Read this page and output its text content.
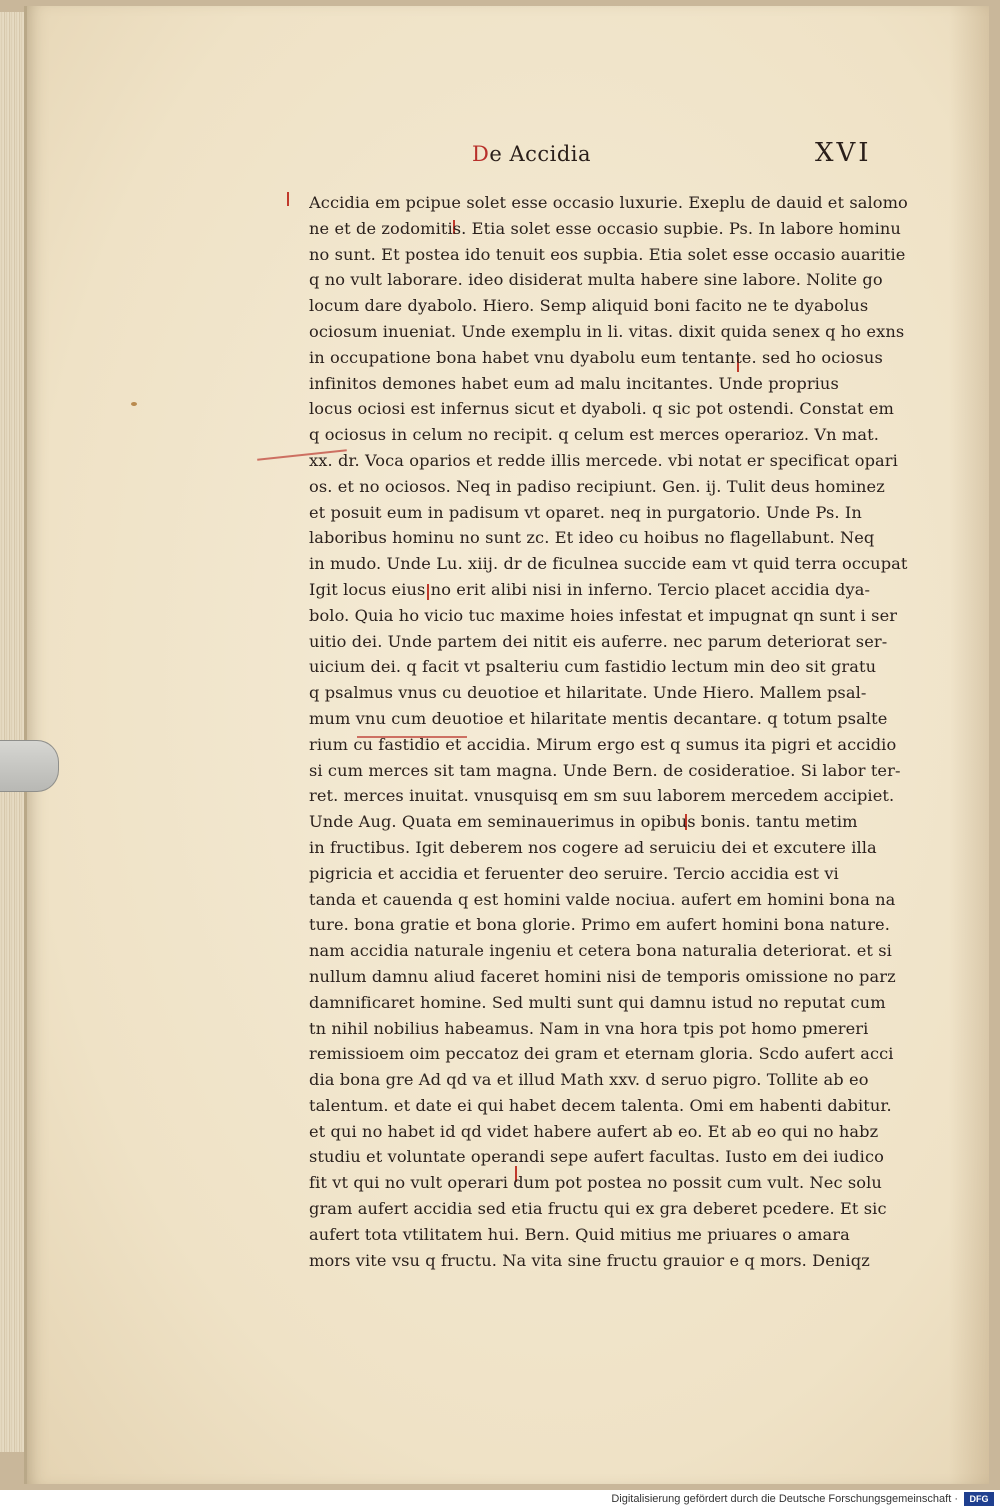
De Accidia	XVI
Accidia em pcipue solet esse occasio luxurie. Exeplu de dauid et salomo
ne et de zodomitis. Etia solet esse occasio supbie. Ps. In labore hominu
no sunt. Et postea ido tenuit eos supbia. Etia solet esse occasio auaritie
q no vult laborare. ideo disiderat multa habere sine labore. Nolite go
locum dare dyabolo. Hiero. Semp aliquid boni facito ne te dyabolus
ociosum inueniat. Unde exemplu in li. vitas. dixit quida senex q ho exns
in occupatione bona habet vnu dyabolu eum tentante. sed ho ociosus
infinitos demones habet eum ad malu incitantes. Unde proprius
locus ociosi est infernus sicut et dyaboli. q sic pot ostendi. Constat em
q ociosus in celum no recipit. q celum est merces operarioz. Vn mat.
xx. dr. Voca oparios et redde illis mercede. vbi notat er specificat opari
os. et no ociosos. Neq in padiso recipiunt. Gen. ij. Tulit deus hominez
et posuit eum in padisum vt oparet. neq in purgatorio. Unde Ps. In
laboribus hominu no sunt zc. Et ideo cu hoibus no flagellabunt. Neq
in mudo. Unde Lu. xiij. dr de ficulnea succide eam vt quid terra occupat
Igit locus eius no erit alibi nisi in inferno. Tercio placet accidia dya-
bolo. Quia ho vicio tuc maxime hoies infestat et impugnat qn sunt i ser
uitio dei. Unde partem dei nitit eis auferre. nec parum deteriorat ser-
uicium dei. q facit vt psalteriu cum fastidio lectum min deo sit gratu
q psalmus vnus cu deuotioe et hilaritate. Unde Hiero. Mallem psal-
mum vnu cum deuotioe et hilaritate mentis decantare. q totum psalte
rium cu fastidio et accidia. Mirum ergo est q sumus ita pigri et accidio
si cum merces sit tam magna. Unde Bern. de cosideratioe. Si labor ter-
ret. merces inuitat. vnusquisq em sm suu laborem mercedem accipiet.
Unde Aug. Quata em seminauerimus in opibus bonis. tantu metim
in fructibus. Igit deberem nos cogere ad seruiciu dei et excutere illa
pigricia et accidia et feruenter deo seruire. Tercio accidia est vi
tanda et cauenda q est homini valde nociua. aufert em homini bona na
ture. bona gratie et bona glorie. Primo em aufert homini bona nature.
nam accidia naturale ingeniu et cetera bona naturalia deteriorat. et si
nullum damnu aliud faceret homini nisi de temporis omissione no parz
damnificaret homine. Sed multi sunt qui damnu istud no reputat cum
tn nihil nobilius habeamus. Nam in vna hora tpis pot homo pmereri
remissioem oim peccatoz dei gram et eternam gloria. Scdo aufert acci
dia bona gre Ad qd va et illud Math xxv. d seruo pigro. Tollite ab eo
talentum. et date ei qui habet decem talenta. Omi em habenti dabitur.
et qui no habet id qd videt habere aufert ab eo. Et ab eo qui no habz
studiu et voluntate operandi sepe aufert facultas. Iusto em dei iudico
fit vt qui no vult operari dum pot postea no possit cum vult. Nec solu
gram aufert accidia sed etia fructu qui ex gra deberet pcedere. Et sic
aufert tota vtilitatem hui. Bern. Quid mitius me priuares o amara
mors vite vsu q fructu. Na vita sine fructu grauior e q mors. Deniqz
Digitalisierung gefördert durch die Deutsche Forschungsgemeinschaft ·	DFG
